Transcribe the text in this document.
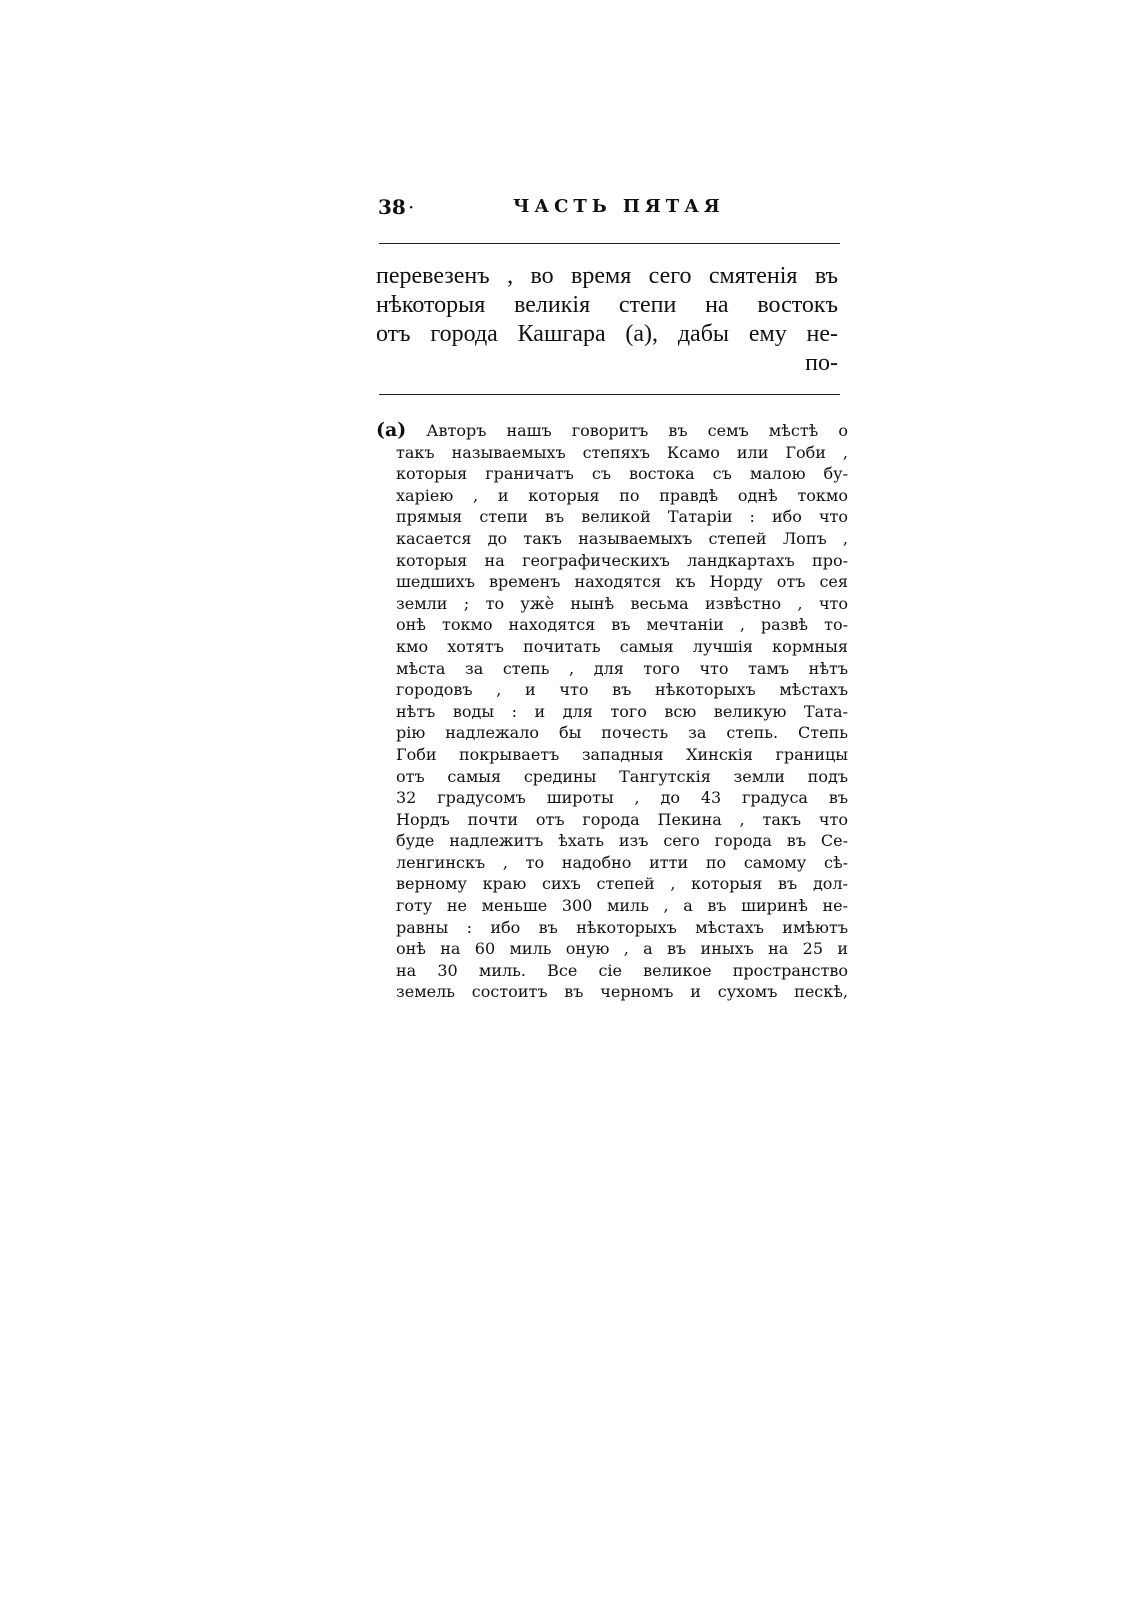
38 ·	ЧАСТЬ ПЯТАЯ
перевезенъ , во время сего смятенія въ
нѣкоторыя великія степи на востокъ
отъ города Кашгара (а), дабы ему не-
по-
(а) Авторъ нашъ говоритъ въ семъ мѣстѣ о
такъ называемыхъ степяхъ Ксамо или Гоби ,
которыя граничатъ съ востока съ малою бу-
харіею , и которыя по правдѣ однѣ токмо
прямыя степи въ великой Татаріи : ибо что
касается до такъ называемыхъ степей Лопъ ,
которыя на географическихъ ландкартахъ про-
шедшихъ временъ находятся къ Норду отъ сея
земли ; то ужè нынѣ весьма извѣстно , что
онѣ токмо находятся въ мечтаніи , развѣ то-
кмо хотятъ почитать самыя лучшія кормныя
мѣста за степь , для того что тамъ нѣтъ
городовъ , и что въ нѣкоторыхъ мѣстахъ
нѣтъ воды : и для того всю великую Тата-
рію надлежало бы почесть за степь. Степь
Гоби покрываетъ западныя Хинскія границы
отъ самыя средины Тангутскія земли подъ
32 градусомъ широты , до 43 градуса въ
Нордъ почти отъ города Пекина , такъ что
буде надлежитъ ѣхать изъ сего города въ Се-
ленгинскъ , то надобно итти по самому сѣ-
верному краю сихъ степей , которыя въ дол-
готу не меньше 300 миль , а въ ширинѣ не-
равны : ибо въ нѣкоторыхъ мѣстахъ имѣютъ
онѣ на 60 миль оную , а въ иныхъ на 25 и
на 30 миль. Все сіе великое пространство
земель состоитъ въ черномъ и сухомъ пескѣ,
